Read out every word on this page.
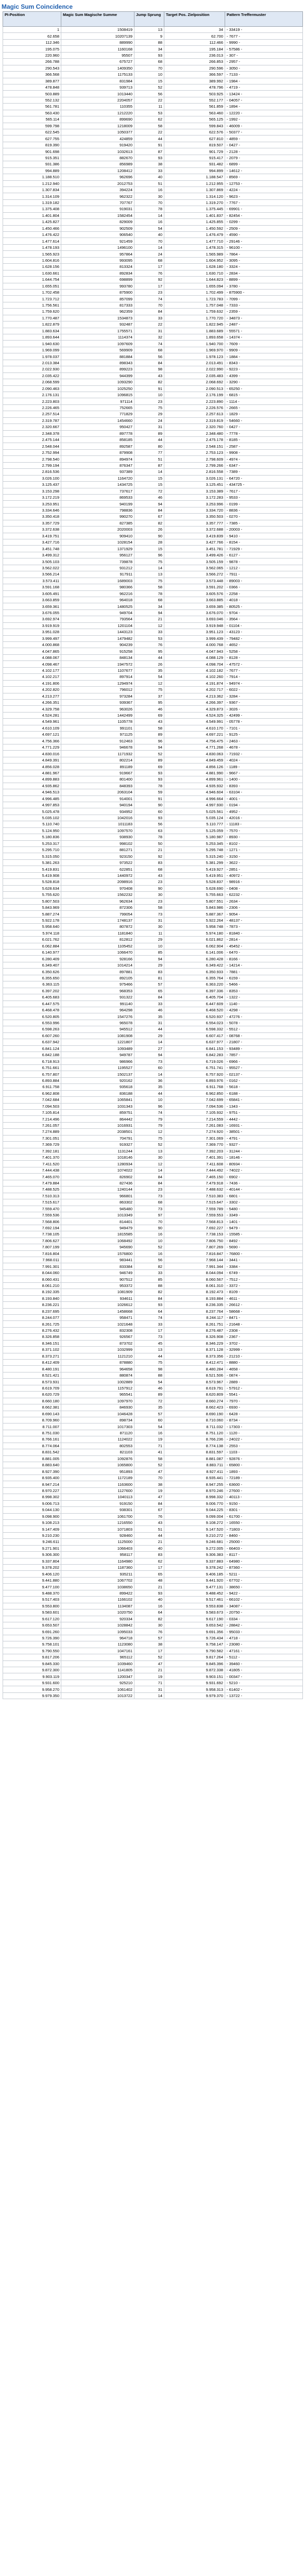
Magic Sum Coincidence
PI-Position	Magic Sum Magische Summe	Jump Sprung	Target Pos. Zielposition	Pattern Treffermuster
1	1508419	13	34	- 33419 -
62.658	10207139	9	62.700	- 7677 -
112.346	889990	88	112.466	- 9990 -
195.075	1160168	34	195.184	- 57586 -
220.960	95507	93	236.013	- 307 -
266.788	675727	68	266.853	- 2957 -
290.543	1409350	70	290.596	- 3050 -
366.568	1175133	10	366.597	- 7133 -
389.877	831984	15	389.992	- 1984 -
478.848	939713	52	478.796	- 4719 -
503.889	1013440	56	503.925	- 13424 -
552.132	2204057	22	552.177	- 04057 -
561.781	110355	11	561.859	- 1894 -
563.430	1212220	53	563.460	- 12220 -
565.114	899690	62	565.125	- 1992 -
599.798	1218009	58	599.843	- 46009 -
622.545	1050377	22	622.576	- 50377 -
627.755	424859	44	627.810	- 4859 -
819.390	919420	91	819.507	- 0427 -
901.698	1032613	87	901.729	- 2128 -
915.351	882670	93	915.417	- 2079 -
931.386	856989	38	931.482	- 6899 -
994.889	1208412	33	994.899	- 14612 -
1.188.510	962696	40	1.188.547	- 8569 -
1.212.940	2012753	51	1.212.955	- 12753 -
1.307.834	394224	16	1.307.869	- 4224 -
1.314.109	962322	30	1.314.120	- 9623 -
1.319.182	707767	70	1.319.270	- 7767 -
1.375.408	919031	78	1.375.445	- 69901 -
1.401.804	1582454	14	1.401.837	- 82454 -
1.425.827	829009	16	1.425.855	- 0299 -
1.450.466	902509	54	1.450.592	- 2509 -
1.476.422	906540	40	1.476.479	- 4590 -
1.477.614	921459	70	1.477.710	- 29146 -
1.478.193	1496100	14	1.478.315	- 96100 -
1.565.923	957864	24	1.565.989	- 7864 -
1.604.816	993095	68	1.604.952	- 3095 -
1.628.156	813324	17	1.628.180	- 3324 -
1.630.661	892834	76	1.630.710	- 2834 -
1.644.754	698899	92	1.644.823	- 8899 -
1.655.051	993780	17	1.655.094	- 3780 -
1.702.458	875900	23	1.702.499	- 875900 -
1.723.712	857099	74	1.723.783	- 7099 -
1.756.561	817333	70	1.757.048	- 7333 -
1.759.620	962359	84	1.759.632	- 2359 -
1.770.487	1534873	33	1.770.720	- 34873 -
1.822.879	932487	22	1.822.945	- 2487 -
1.883.634	1755571	31	1.883.689	- 55571 -
1.893.644	1114374	32	1.893.658	- 14374 -
1.940.630	1097609	74	1.940.700	- 7609 -
1.969.099	569909	68	1.969.970	- 9909 -
1.978.037	881884	56	1.978.123	- 1884 -
2.013.384	898343	84	2.013.491	- 8343 -
2.022.930	899223	98	2.022.990	- 9223 -
2.035.422	944399	43	2.035.483	- 4399 -
2.068.599	1093290	82	2.068.692	- 3290 -
2.090.463	1025250	91	2.090.513	- 65250 -
2.176.131	1096815	10	2.176.199	- 6815 -
2.223.803	971114	23	2.223.890	- 1114 -
2.226.465	752665	75	2.226.576	- 2665 -
2.257.514	771829	29	2.257.613	- 1829 -
2.319.787	1454660	24	2.319.819	- 54660 -
2.320.667	950427	31	2.320.760	- 0427 -
2.348.378	897778	89	2.348.480	- 7778 -
2.475.144	858185	44	2.475.178	- 8185 -
2.548.044	892587	80	2.548.151	- 2587 -
2.752.994	879908	77	2.753.123	- 9908 -
2.798.540	894974	51	2.798.609	- 4974 -
2.799.194	876347	87	2.799.266	- 6347 -
2.816.536	937389	14	2.816.558	- 7389 -
3.026.100	1164720	15	3.026.131	- 64720 -
3.125.437	1434725	15	3.125.451	- 434725 -
3.153.298	737617	72	3.153.389	- 7617 -
3.172.219	869533	46	3.172.283	- 9533 -
3.253.951	940199	94	3.253.996	- 0199 -
3.334.646	798836	84	3.334.720	- 8836 -
3.350.418	990270	67	3.350.503	- 0270 -
3.357.729	827385	82	3.357.777	- 7385 -
3.372.638	2020003	26	3.372.688	- 20003 -
3.419.751	909410	90	3.419.839	- 9410 -
3.427.716	1028154	28	3.427.766	- 8154 -
3.451.748	1371929	15	3.451.781	- 71929 -
3.499.312	956127	96	3.499.426	- 6127 -
3.505.103	739878	75	3.505.159	- 9878 -
3.562.022	931212	14	3.562.065	- 1212 -
3.566.214	917911	13	3.566.272	- 7911 -
3.573.411	1689003	75	3.573.448	- 89003 -
3.591.168	980366	58	3.591.202	- 0366 -
3.605.491	962216	78	3.605.576	- 2258 -
3.663.859	964018	68	3.663.885	- 4018 -
3.659.361	1480525	34	3.659.385	- 80525 -
3.676.055	949704	94	3.676.070	- 9704 -
3.692.974	793564	21	3.693.046	- 3564 -
3.919.919	1201104	12	3.919.948	- 01104 -
3.951.028	1443123	33	3.951.123	- 43123 -
3.999.497	1479482	53	3.999.439	- 79482 -
4.000.868	904239	76	4.000.768	- 4652 -
4.047.865	915258	95	4.047.943	- 5258 -
4.088.067	848134	44	4.088.129	- 8128 -
4.098.467	1947572	26	4.098.704	- 47572 -
4.102.177	1107677	35	4.102.182	- 7677 -
4.102.217	897914	54	4.102.260	- 7914 -
4.191.806	1294974	12	4.191.874	- 94974 -
4.202.820	796012	75	4.202.717	- 6022 -
4.213.277	973284	37	4.213.362	- 3284 -
4.266.351	939367	95	4.266.397	- 9367 -
4.329.758	963026	46	4.329.873	- 3026 -
4.524.281	1442499	69	4.524.325	- 42499 -
4.549.961	1105778	43	4.549.991	- 05778 -
4.610.109	991101	58	4.610.170	- 7101 -
4.697.121	971125	89	4.697.221	- 9125 -
4.756.366	912463	96	4.756.475	- 2463 -
4.771.229	946678	94	4.771.268	- 4678 -
4.830.016	1171932	52	4.830.063	- 71932 -
4.849.391	802214	89	4.849.459	- 4024 -
4.856.028	891189	69	4.856.126	- 1189 -
4.881.967	919667	93	4.881.990	- 9667 -
4.899.883	801400	93	4.899.961	- 1400 -
4.935.862	848393	78	4.935.932	- 8393 -
4.946.513	2063104	59	4.946.604	- 63104 -
4.996.485	914001	91	4.996.664	- 4001 -
4.997.853	940194	90	4.997.930	- 0194 -
5.025.478	934952	60	5.025.561	- 4952 -
5.035.102	1042016	93	5.035.124	- 42016 -
5.110.740	1011183	56	5.110.777	- 11183 -
5.124.950	1097570	63	5.125.059	- 7570 -
5.180.836	938930	78	5.180.987	- 8930 -
5.253.317	998102	50	5.253.345	- 8102 -
5.295.710	881271	21	5.295.748	- 1271 -
5.315.050	923150	92	5.315.240	- 3150 -
5.381.263	973522	83	5.381.299	- 3622 -
5.419.831	622851	68	5.419.927	- 2851 -
5.419.908	1440972	43	5.419.951	- 40972 -
5.528.818	2098916	23	5.528.837	- 98916 -
5.628.634	970408	90	5.628.690	- 0408 -
5.755.620	1562232	30	5.755.663	- 62232 -
5.807.503	962634	23	5.807.551	- 2634 -
5.843.969	872306	58	5.843.986	- 2306 -
5.887.274	799054	73	5.887.367	- 9054 -
5.922.178	1748137	31	5.922.264	- 48137 -
5.958.640	807872	30	5.958.748	- 7873 -
5.974.118	1181840	11	5.974.180	- 81840 -
6.021.762	812812	29	6.021.862	- 2814 -
6.062.884	1105452	10	6.062.904	- 45452 -
6.140.977	1066470	85	6.141.006	- 6470 -
6.280.409	928166	94	6.280.428	- 8166 -
6.349.407	1014214	29	6.349.422	- 14214 -
6.350.626	897881	83	6.350.933	- 7881 -
6.355.650	892105	81	6.355.764	- 6159 -
6.363.115	975466	57	6.363.220	- 5466 -
6.397.202	968353	65	6.397.336	- 8353 -
6.405.683	931322	84	6.405.704	- 1322 -
6.447.575	991140	33	6.447.609	- 1140 -
6.468.478	964298	46	6.468.520	- 4298 -
6.520.805	1547276	35	6.520.937	- 47276 -
6.553.996	965078	31	6.554.023	- 5078 -
6.598.263	945512	44	6.598.332	- 5512 -
6.607.260	1081908	29	6.607.417	- 08768 -
6.637.942	1221807	14	6.637.977	- 21807 -
6.841.124	1093489	27	6.841.153	- 93489 -
6.842.188	949787	94	6.842.283	- 7857 -
6.718.913	986966	73	6.719.026	- 6966 -
6.751.661	1195527	60	6.751.741	- 95527 -
6.757.807	1502137	14	6.757.920	- 02137 -
6.893.884	920162	36	6.893.976	- 0162 -
6.911.758	935618	35	6.911.768	- 5618 -
6.962.808	836188	44	6.962.850	- 6188 -
7.042.684	1065841	10	7.042.699	- 65841 -
7.094.503	1031343	96	7.094.536	- 1343 -
7.105.814	859751	74	7.105.932	- 9751 -
7.214.496	864442	79	7.214.559	- 4442 -
7.261.057	1016931	79	7.261.083	- 16931 -
7.274.889	2038501	12	7.274.920	- 38501 -
7.301.051	704791	75	7.301.069	- 4791 -
7.369.729	919327	52	7.369.770	- 9327 -
7.392.181	1131244	13	7.392.203	- 31244 -
7.401.370	1018146	30	7.401.391	- 18146 -
7.411.520	1280934	12	7.411.608	- 80934 -
7.444.438	1074022	14	7.444.492	- 74022 -
7.465.070	826902	84	7.465.150	- 6902 -
7.479.884	827436	84	7.479.918	- 7436 -
7.488.525	1240144	23	7.488.632	- 40144 -
7.510.313	966801	73	7.510.383	- 6801 -
7.515.617	863302	68	7.515.647	- 3302 -
7.559.470	945480	73	7.559.789	- 5480 -
7.559.536	1013349	97	7.559.553	- 3349 -
7.568.806	814401	70	7.568.813	- 1401 -
7.692.194	949479	90	7.692.227	- 9479 -
7.738.105	1815585	16	7.738.153	- 15585 -
7.806.627	1068492	10	7.806.750	- 8492 -
7.807.199	945690	52	7.807.269	- 5690 -
7.816.804	1576800	16	7.816.847	- 76800 -
7.968.011	983441	56	7.968.144	- 3441 -
7.991.301	833384	82	7.991.344	- 3384 -
8.044.060	946749	33	8.044.094	- 6749 -
8.060.431	907512	85	8.060.567	- 7512 -
8.061.210	953372	88	8.061.310	- 3372 -
8.192.335	1081909	82	8.192.473	- 8109 -
8.193.840	934611	84	8.193.884	- 4611 -
8.236.221	1026612	93	8.236.335	- 26612 -
8.237.695	1458668	64	8.237.764	- 58668 -
8.244.077	958471	74	8.244.117	- 8471 -
8.261.725	1021648	33	8.261.751	- 21648 -
8.276.432	832308	17	8.276.487	- 2308 -
8.326.858	926567	73	8.326.908	- 2367 -
8.346.151	873702	45	8.346.229	- 3702 -
8.371.102	1032999	13	8.371.128	- 32999 -
8.373.271	1121210	44	8.373.356	- 21210 -
8.412.409	878880	75	8.412.471	- 8880 -
8.480.191	964658	98	8.480.284	- 4658 -
8.521.421	880874	88	8.521.506	- 0874 -
8.573.931	1002889	54	8.573.967	- 2889 -
8.619.709	1157912	46	8.619.791	- 57912 -
8.620.729	965541	89	8.620.809	- 5541 -
8.660.180	1097970	72	8.660.274	- 7970 -
8.662.381	846930	35	8.662.423	- 6930 -
8.690.143	1046428	57	8.690.190	- 6428 -
8.709.960	898734	60	8.710.060	- 8734 -
8.711.007	1017303	54	8.711.032	- 17303 -
8.751.030	871120	16	8.751.120	- 1120 -
8.766.161	1124022	19	8.766.236	- 24022 -
8.774.064	802553	71	8.774.138	- 2553 -
8.831.542	821103	41	8.831.597	- 1103 -
8.881.005	1092876	58	8.881.087	- 92876 -
8.883.640	1065800	52	8.883.711	- 65800 -
8.927.390	951893	47	8.927.411	- 1893 -
8.935.400	1172189	70	8.935.441	- 72189 -
8.947.214	1163600	38	8.947.255	- 63600 -
8.970.227	1127600	19	8.970.246	- 27600 -
8.998.302	1040113	47	8.998.332	- 40113 -
9.006.713	919150	84	9.006.770	- 9150 -
9.044.130	938301	67	9.044.225	- 8301 -
9.098.900	1061700	76	9.099.004	- 61700 -
9.108.213	1216550	43	9.108.272	- 16550 -
9.147.409	1071803	51	9.147.520	- 71803 -
9.210.230	928460	44	9.210.272	- 8460 -
9.246.611	1125000	21	9.246.681	- 25000 -
9.271.901	1066403	40	9.272.005	- 66403 -
9.306.300	958117	83	9.306.383	- 8117 -
9.337.804	1164980	62	9.337.883	- 64980 -
9.378.202	1187360	17	9.378.242	- 87360 -
9.406.120	935211	65	9.406.185	- 5211 -
9.441.880	1067702	48	9.441.920	- 67702 -
9.477.100	1038650	21	9.477.131	- 38650 -
9.488.370	899422	93	9.488.452	- 9422 -
9.517.403	1166102	40	9.517.461	- 66102 -
9.553.800	1134087	16	9.553.838	- 34087 -
9.583.601	1020750	64	9.583.673	- 20750 -
9.617.120	920334	82	9.617.190	- 0334 -
9.653.507	1028842	30	9.653.542	- 28842 -
9.691.260	1095033	76	9.691.356	- 95033 -
9.726.390	964718	57	9.726.434	- 4718 -
9.758.101	1123080	38	9.758.147	- 23080 -
9.790.550	1047161	17	9.790.582	- 47161 -
9.817.206	965112	52	9.817.264	- 5112 -
9.845.330	1039460	47	9.845.396	- 39460 -
9.872.300	1141805	21	9.872.338	- 41805 -
9.903.119	1200347	19	9.903.151	- 00347 -
9.931.600	925210	71	9.931.692	- 5210 -
9.958.270	1061402	31	9.958.313	- 61402 -
9.979.350	1013722	14	9.979.370	- 13722 -
